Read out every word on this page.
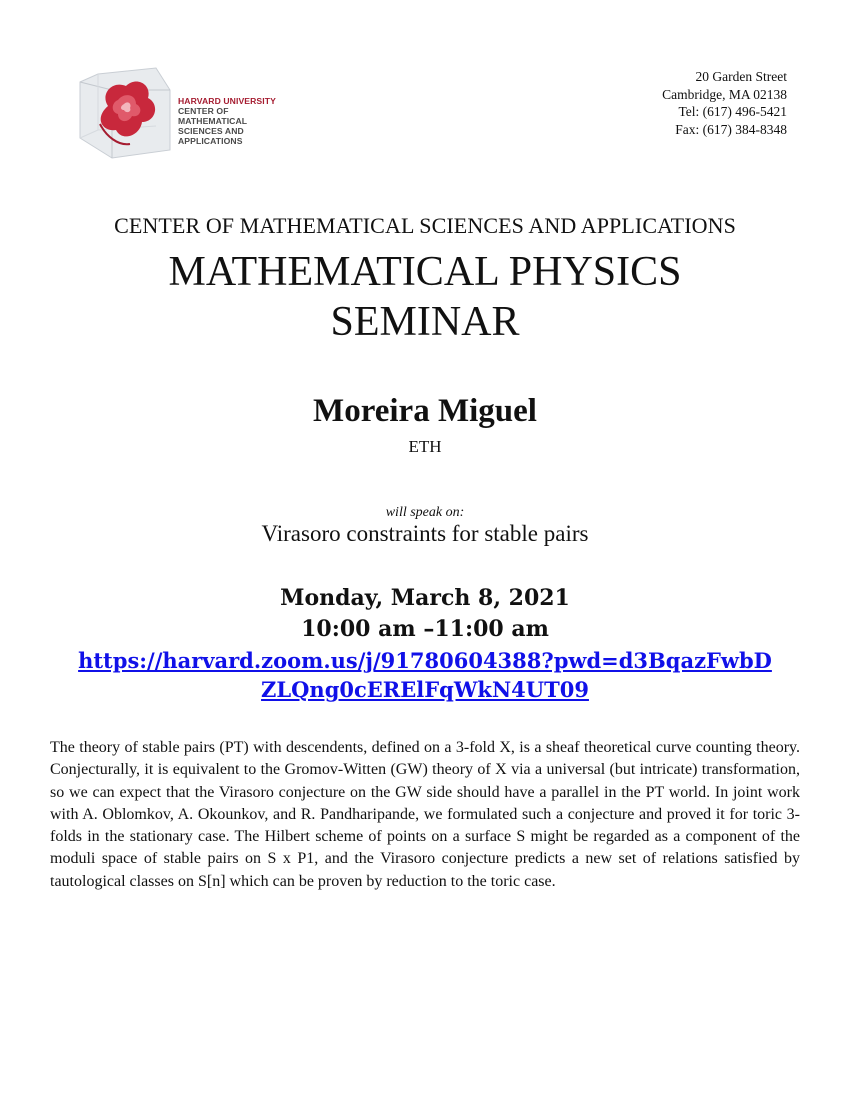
HARVARD UNIVERSITY
CENTER OF MATHEMATICAL
SCIENCES AND APPLICATIONS
20 Garden Street
Cambridge, MA 02138
Tel: (617) 496-5421
Fax: (617) 384-8348
CENTER OF MATHEMATICAL SCIENCES AND APPLICATIONS
MATHEMATICAL PHYSICS
SEMINAR
Moreira Miguel
ETH
will speak on:
Virasoro constraints for stable pairs
Monday, March 8, 2021
10:00 am –11:00 am
https://harvard.zoom.us/j/91780604388?pwd=d3BqazFwbD
ZLQng0cERElFqWkN4UT09
The theory of stable pairs (PT) with descendents, defined on a 3-fold X, is a sheaf theoretical curve counting theory. Conjecturally, it is equivalent to the Gromov-Witten (GW) theory of X via a universal (but intricate) transformation, so we can expect that the Virasoro conjecture on the GW side should have a parallel in the PT world. In joint work with A. Oblomkov, A. Okounkov, and R. Pandharipande, we formulated such a conjecture and proved it for toric 3-folds in the stationary case. The Hilbert scheme of points on a surface S might be regarded as a component of the moduli space of stable pairs on S x P1, and the Virasoro conjecture predicts a new set of relations satisfied by tautological classes on S[n] which can be proven by reduction to the toric case.
